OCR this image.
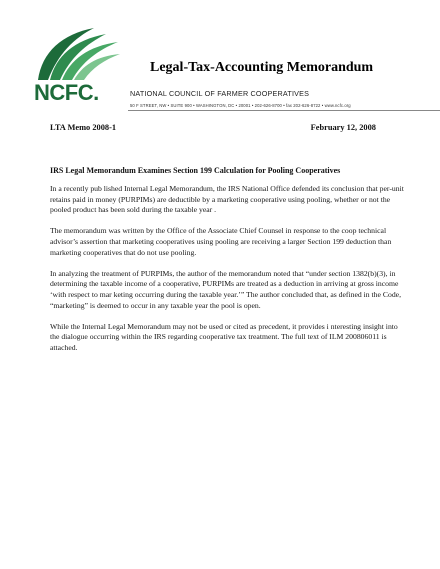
NCFC.
Legal-Tax-Accounting Memorandum
NATIONAL COUNCIL OF FARMER COOPERATIVES
50 F STREET, NW • SUITE 900 • WASHINGTON, DC • 20001 • 202-626-8700 • fax 202-626-8722 • www.ncfc.org
LTA Memo 2008-1	February 12, 2008
IRS Legal Memorandum Examines Section 199 Calculation for Pooling Cooperatives

In a recently pub lished Internal Legal Memorandum, the IRS National Office defended its conclusion that per-unit retains paid in money (PURPIMs) are deductible by a marketing cooperative using pooling, whether or not the pooled product has been sold during the taxable year .

The memorandum was written by the Office of the Associate Chief Counsel in response to the coop technical advisor’s assertion that marketing cooperatives using pooling are receiving a larger Section 199 deduction than marketing cooperatives that do not use pooling.

In analyzing the treatment of PURPIMs, the author of the memorandum noted that “under section 1382(b)(3), in determining the taxable income of a cooperative, PURPIMs are treated as a deduction in arriving at gross income ‘with respect to mar keting occurring during the taxable year.’” The author concluded that, as defined in the Code, “marketing” is deemed to occur in any taxable year the pool is open.

While the Internal Legal Memorandum may not be used or cited as precedent, it provides i nteresting insight into the dialogue occurring within the IRS regarding cooperative tax treatment. The full text of ILM 200806011 is attached.
